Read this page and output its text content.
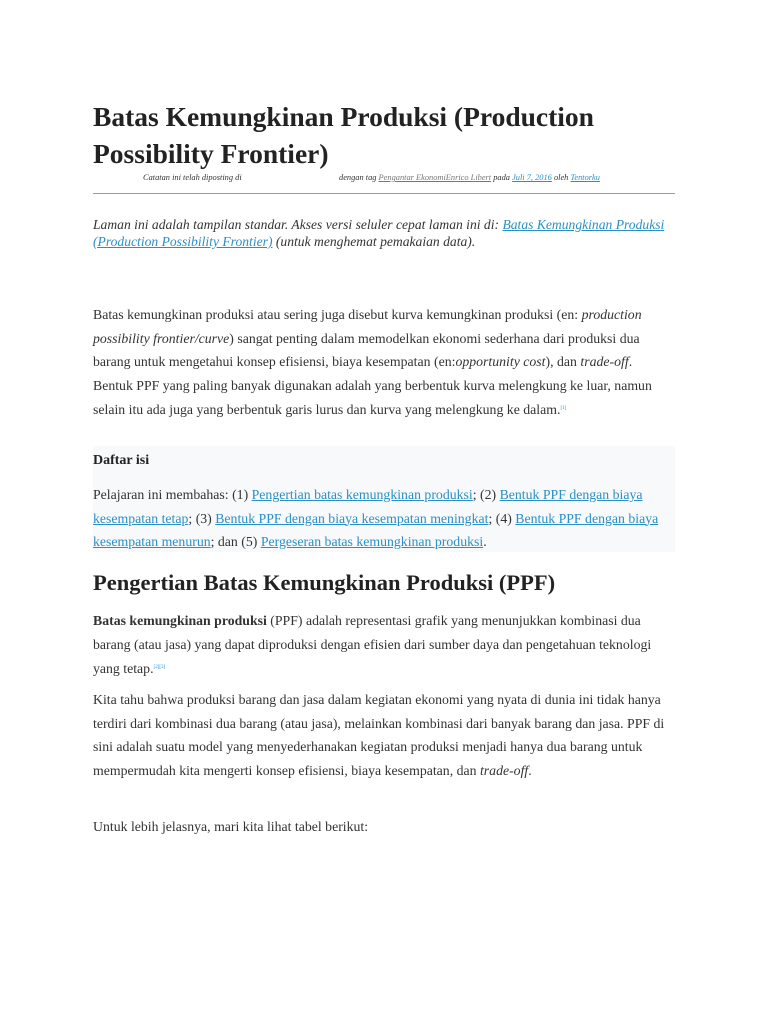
Batas Kemungkinan Produksi (Production Possibility Frontier)
Catatan ini telah diposting di	dengan tag Pengantar EkonomiEnrico Libert pada Juli 7, 2016 oleh Tentorku
Laman ini adalah tampilan standar. Akses versi seluler cepat laman ini di: Batas Kemungkinan Produksi (Production Possibility Frontier) (untuk menghemat pemakaian data).

Batas kemungkinan produksi atau sering juga disebut kurva kemungkinan produksi (en: production possibility frontier/curve) sangat penting dalam memodelkan ekonomi sederhana dari produksi dua barang untuk mengetahui konsep efisiensi, biaya kesempatan (en:opportunity cost), dan trade-off. Bentuk PPF yang paling banyak digunakan adalah yang berbentuk kurva melengkung ke luar, namun selain itu ada juga yang berbentuk garis lurus dan kurva yang melengkung ke dalam.[1]

Daftar isi

Pelajaran ini membahas: (1) Pengertian batas kemungkinan produksi; (2) Bentuk PPF dengan biaya kesempatan tetap; (3) Bentuk PPF dengan biaya kesempatan meningkat; (4) Bentuk PPF dengan biaya kesempatan menurun; dan (5) Pergeseran batas kemungkinan produksi.

Pengertian Batas Kemungkinan Produksi (PPF)

Batas kemungkinan produksi (PPF) adalah representasi grafik yang menunjukkan kombinasi dua barang (atau jasa) yang dapat diproduksi dengan efisien dari sumber daya dan pengetahuan teknologi yang tetap.[2][3]

Kita tahu bahwa produksi barang dan jasa dalam kegiatan ekonomi yang nyata di dunia ini tidak hanya terdiri dari kombinasi dua barang (atau jasa), melainkan kombinasi dari banyak barang dan jasa. PPF di sini adalah suatu model yang menyederhanakan kegiatan produksi menjadi hanya dua barang untuk mempermudah kita mengerti konsep efisiensi, biaya kesempatan, dan trade-off.

Untuk lebih jelasnya, mari kita lihat tabel berikut:
